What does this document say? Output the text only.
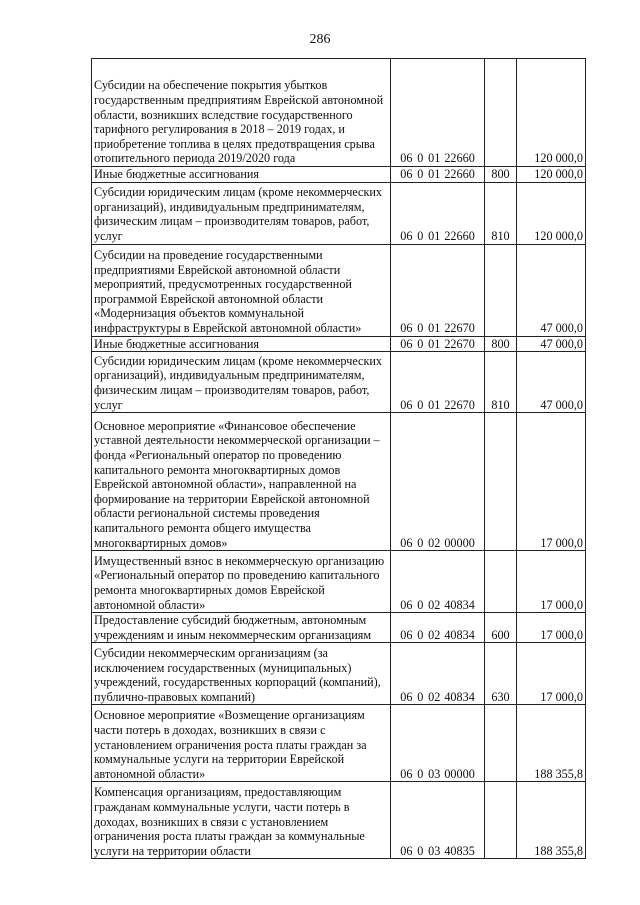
286
Субсидии на обеспечение покрытия убытков государственным предприятиям Еврейской автономной области, возникших вследствие государственного тарифного регулирования в 2018 – 2019 годах, и приобретение топлива в целях предотвращения срыва отопительного периода 2019/2020 года	06 0 01 22660		120 000,0

Иные бюджетные ассигнования	06 0 01 22660	800	120 000,0

Субсидии юридическим лицам (кроме некоммерческих организаций), индивидуальным предпринимателям, физическим лицам – производителям товаров, работ, услуг	06 0 01 22660	810	120 000,0

Субсидии на проведение государственными предприятиями Еврейской автономной области мероприятий, предусмотренных государственной программой Еврейской автономной области «Модернизация объектов коммунальной инфраструктуры в Еврейской автономной области»	06 0 01 22670		47 000,0

Иные бюджетные ассигнования	06 0 01 22670	800	47 000,0

Субсидии юридическим лицам (кроме некоммерческих организаций), индивидуальным предпринимателям, физическим лицам – производителям товаров, работ, услуг	06 0 01 22670	810	47 000,0

Основное мероприятие «Финансовое обеспечение уставной деятельности некоммерческой организации – фонда «Региональный оператор по проведению капитального ремонта многоквартирных домов Еврейской автономной области», направленной на формирование на территории Еврейской автономной области региональной системы проведения капитального ремонта общего имущества многоквартирных домов»	06 0 02 00000		17 000,0

Имущественный взнос в некоммерческую организацию «Региональный оператор по проведению капитального ремонта многоквартирных домов Еврейской автономной области»	06 0 02 40834		17 000,0

Предоставление субсидий бюджетным, автономным учреждениям и иным некоммерческим организациям	06 0 02 40834	600	17 000,0

Субсидии некоммерческим организациям (за исключением государственных (муниципальных) учреждений, государственных корпораций (компаний), публично-правовых компаний)	06 0 02 40834	630	17 000,0

Основное мероприятие «Возмещение организациям части потерь в доходах, возникших в связи с установлением ограничения роста платы граждан за коммунальные услуги на территории Еврейской автономной области»	06 0 03 00000		188 355,8

Компенсация организациям, предоставляющим гражданам коммунальные услуги, части потерь в доходах, возникших в связи с установлением ограничения роста платы граждан за коммунальные услуги на территории области	06 0 03 40835		188 355,8
